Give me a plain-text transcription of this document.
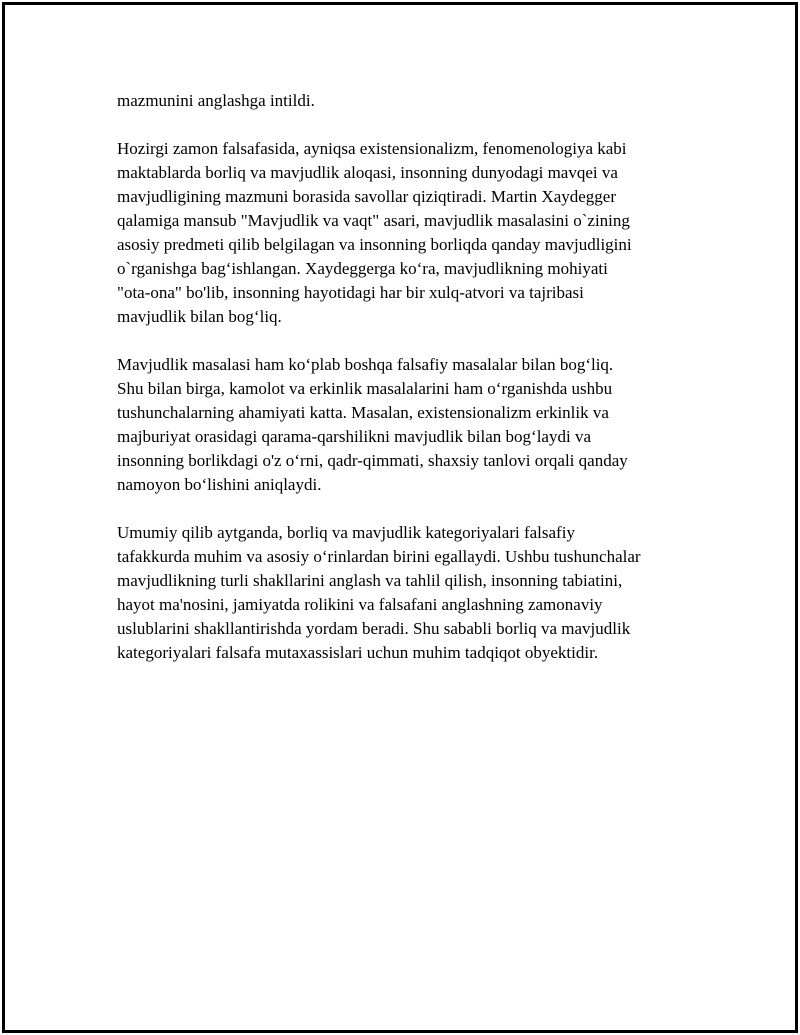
mazmunini anglashga intildi.

Hozirgi zamon falsafasida, ayniqsa existensionalizm, fenomenologiya kabi
maktablarda borliq va mavjudlik aloqasi, insonning dunyodagi mavqei va
mavjudligining mazmuni borasida savollar qiziqtiradi. Martin Xaydegger
qalamiga mansub "Mavjudlik va vaqt" asari, mavjudlik masalasini o`zining
asosiy predmeti qilib belgilagan va insonning borliqda qanday mavjudligini
o`rganishga bag‘ishlangan. Xaydeggerga ko‘ra, mavjudlikning mohiyati
"ota-ona" bo'lib, insonning hayotidagi har bir xulq-atvori va tajribasi
mavjudlik bilan bog‘liq.

Mavjudlik masalasi ham ko‘plab boshqa falsafiy masalalar bilan bog‘liq.
Shu bilan birga, kamolot va erkinlik masalalarini ham o‘rganishda ushbu
tushunchalarning ahamiyati katta. Masalan, existensionalizm erkinlik va
majburiyat orasidagi qarama-qarshilikni mavjudlik bilan bog‘laydi va
insonning borlikdagi o'z o‘rni, qadr-qimmati, shaxsiy tanlovi orqali qanday
namoyon bo‘lishini aniqlaydi.

Umumiy qilib aytganda, borliq va mavjudlik kategoriyalari falsafiy
tafakkurda muhim va asosiy o‘rinlardan birini egallaydi. Ushbu tushunchalar
mavjudlikning turli shakllarini anglash va tahlil qilish, insonning tabiatini,
hayot ma'nosini, jamiyatda rolikini va falsafani anglashning zamonaviy
uslublarini shakllantirishda yordam beradi. Shu sababli borliq va mavjudlik
kategoriyalari falsafa mutaxassislari uchun muhim tadqiqot obyektidir.
